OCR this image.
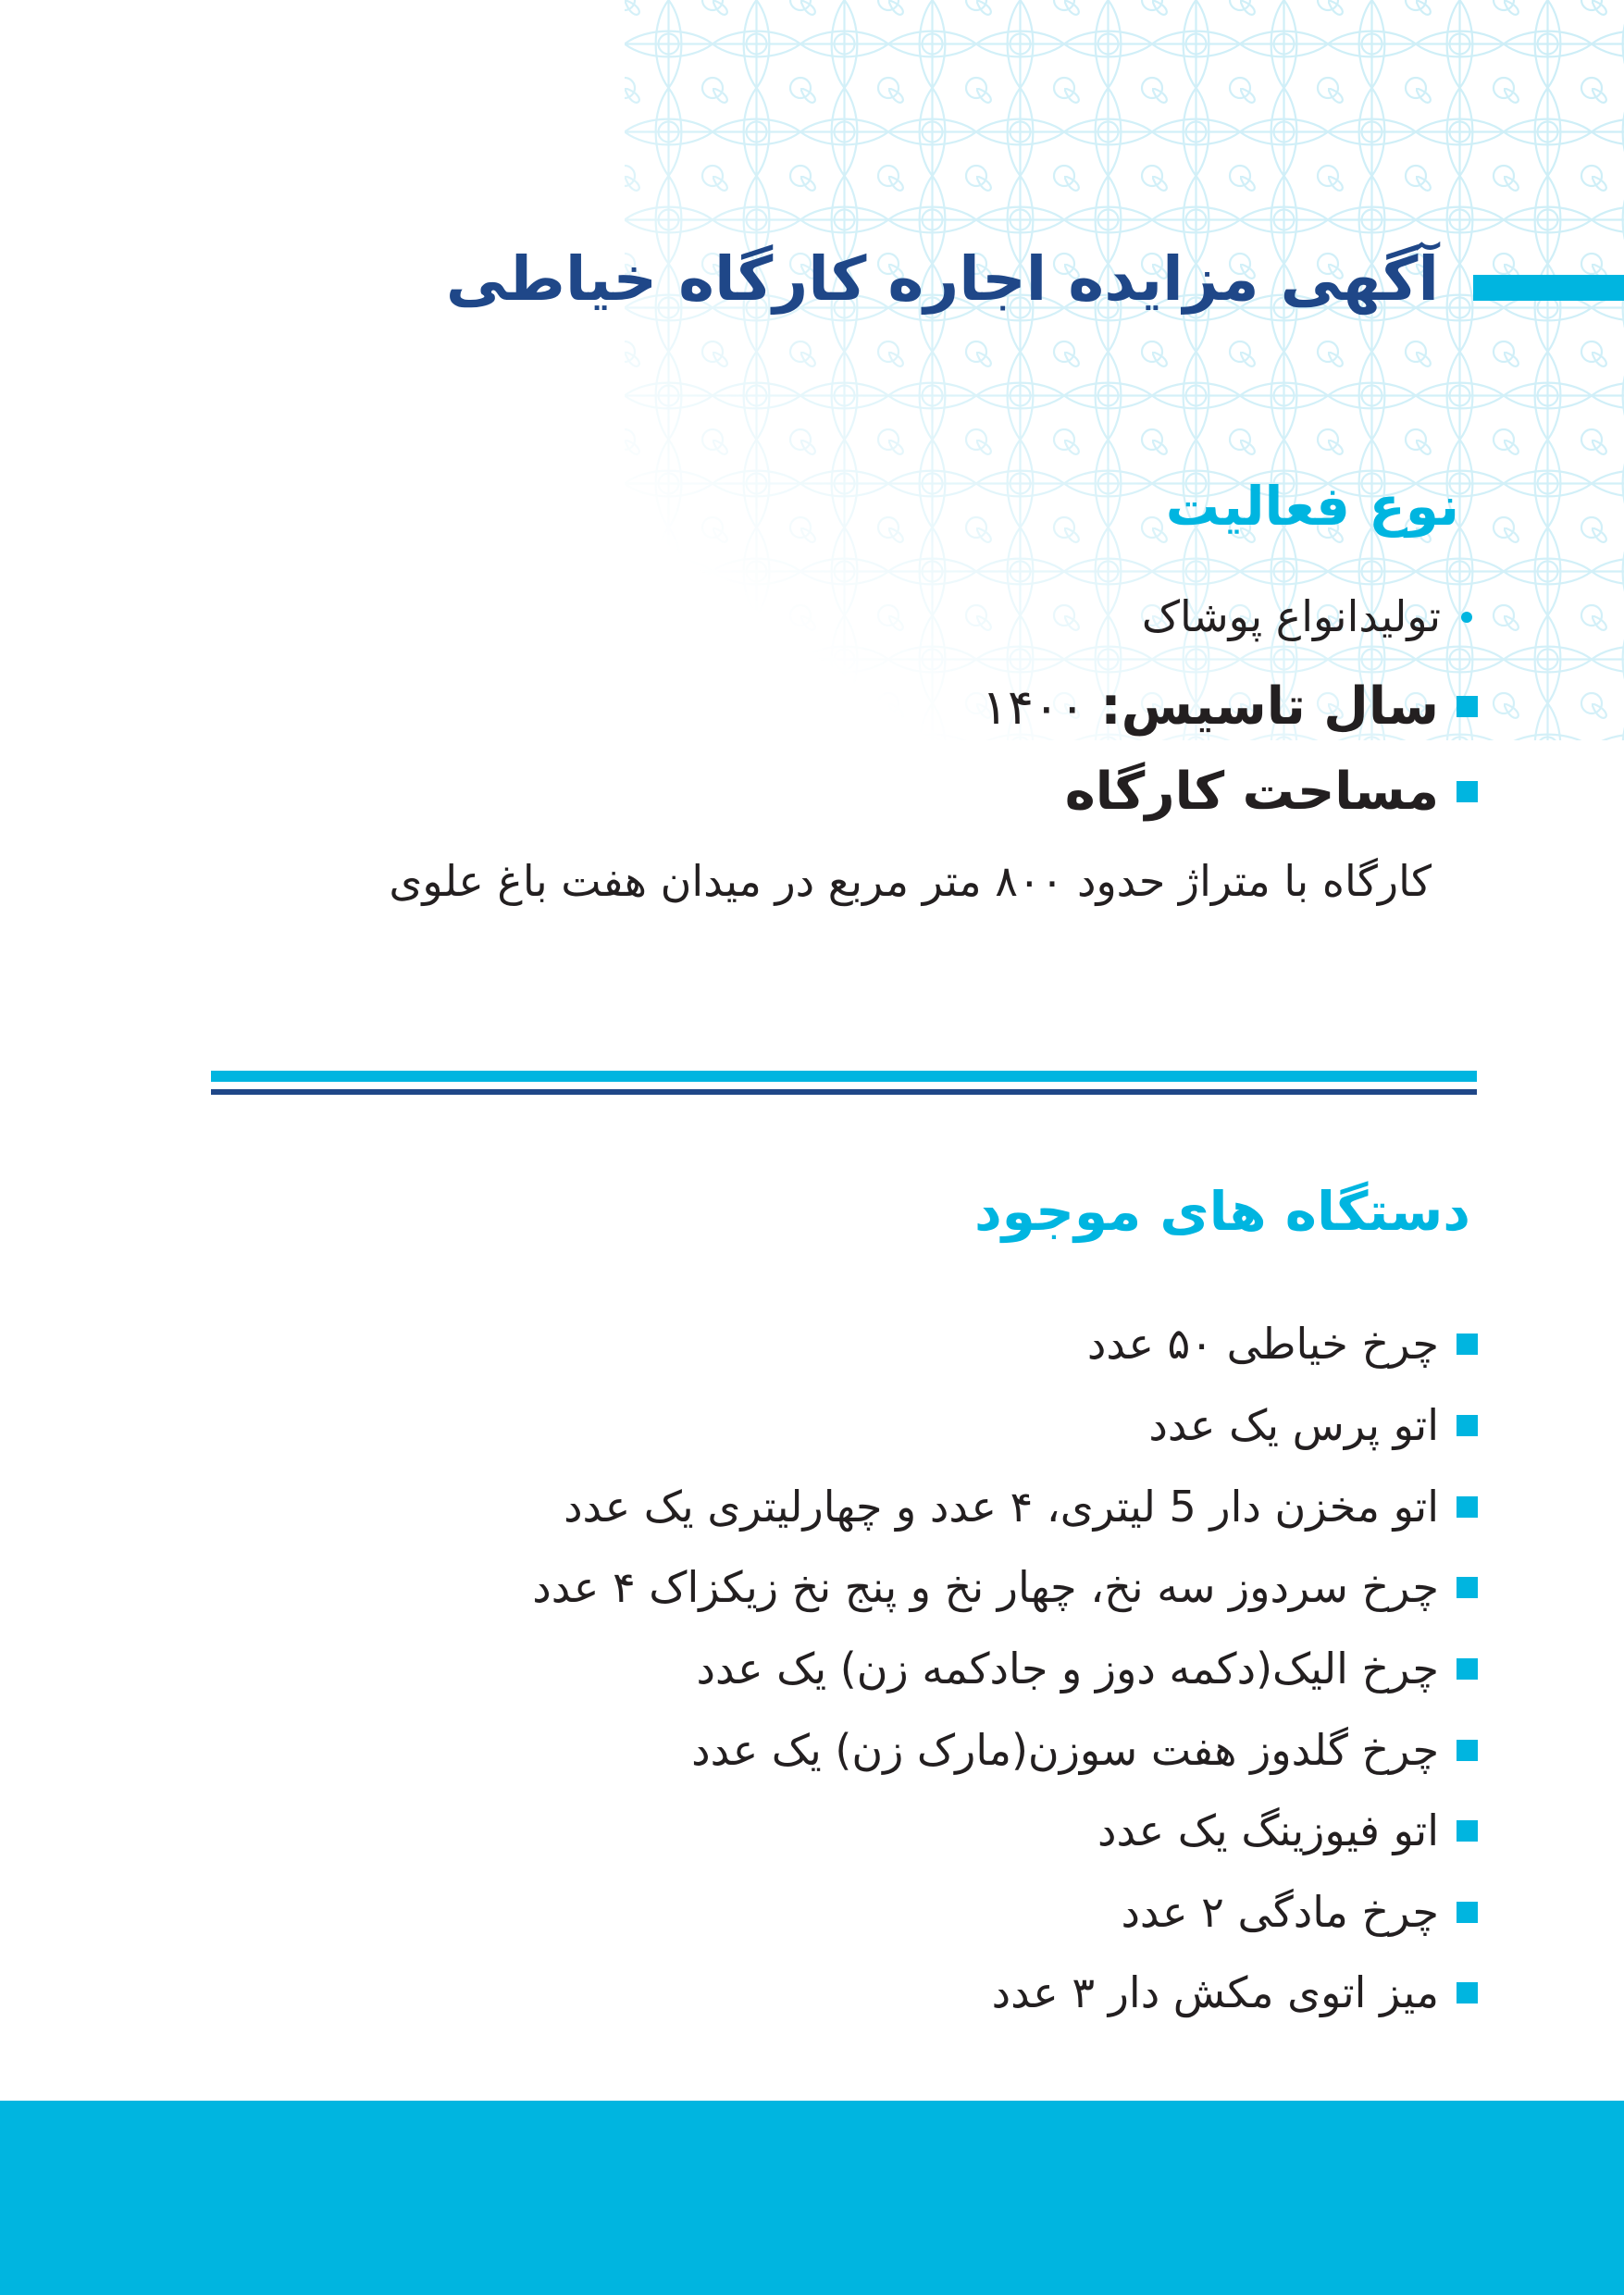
آگهی مزایده اجاره کارگاه خیاطی
نوع فعالیت
تولیدانواع پوشاک
سال تاسیس: ۱۴۰۰
مساحت کارگاه
کارگاه با متراژ حدود ۸۰۰ متر مربع در میدان هفت باغ علوی
دستگاه های موجود
چرخ خیاطی ۵۰ عدد
اتو پرس یک عدد
اتو مخزن دار 5 لیتری، ۴ عدد و چهارلیتری یک عدد
چرخ سردوز سه نخ، چهار نخ و پنج نخ زیکزاک ۴ عدد
چرخ الیک(دکمه دوز و جادکمه زن) یک عدد
چرخ گلدوز هفت سوزن(مارک زن) یک عدد
اتو فیوزینگ یک عدد
چرخ مادگی ۲ عدد
میز اتوی مکش دار ۳ عدد
